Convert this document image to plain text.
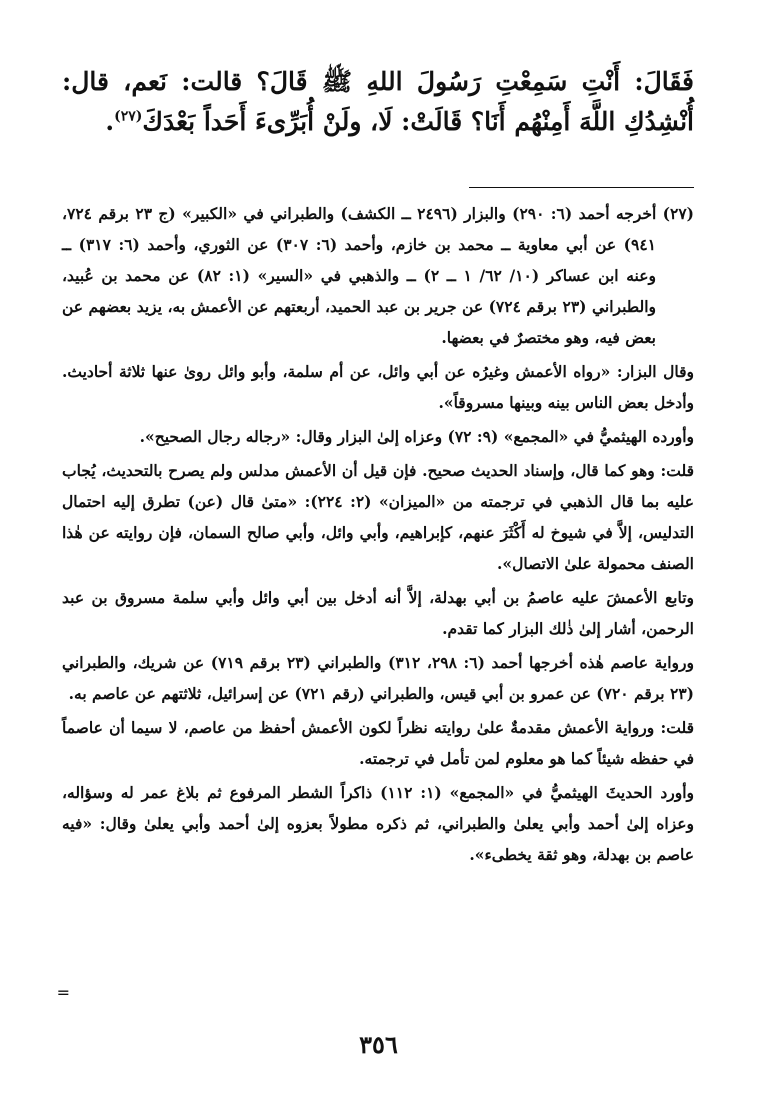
فَقَالَ: أَنْتِ سَمِعْتِ رَسُولَ اللهِ ﷺ قَالَ؟ قالت: نَعم، قال: أُنْشِدُكِ اللَّهَ أَمِنْهُم أَنَا؟ قَالَتْ: لَا، ولَنْ أُبَرِّىءَ أَحَداً بَعْدَكَ$^{(٢٧)}$.

(٢٧) أخرجه أحمد (٦: ٢٩٠) والبزار (٢٤٩٦ ــ الكشف) والطبراني في «الكبير» (ج ٢٣ برقم ٧٢٤، ٩٤١) عن أبي معاوية ــ محمد بن خازم، وأحمد (٦: ٣٠٧) عن الثوري، وأحمد (٦: ٣١٧) ــ وعنه ابن عساكر (١٠/ ٦٢/ ١ ــ ٢) ــ والذهبي في «السير» (١: ٨٢) عن محمد بن عُبيد، والطبراني (٢٣ برقم ٧٢٤) عن جرير بن عبد الحميد، أربعتهم عن الأعمش به، يزيد بعضهم عن بعض فيه، وهو مختصرٌ في بعضها.

وقال البزار: «رواه الأعمش وغيرُه عن أبي وائل، عن أم سلمة، وأبو وائل روىٰ عنها ثلاثة أحاديث. وأدخل بعض الناس بينه وبينها مسروقاً».

وأورده الهيثميُّ في «المجمع» (٩: ٧٢) وعزاه إلىٰ البزار وقال: «رجاله رجال الصحيح».

قلت: وهو كما قال، وإسناد الحديث صحيح. فإن قيل أن الأعمش مدلس ولم يصرح بالتحديث، يُجاب عليه بما قال الذهبي في ترجمته من «الميزان» (٢: ٢٢٤): «متىٰ قال (عن) تطرق إليه احتمال التدليس، إلاَّ في شيوخ له أَكْثَرَ عنهم، كإبراهيم، وأبي وائل، وأبي صالح السمان، فإن روايته عن هٰذا الصنف محمولة علىٰ الاتصال».

وتابع الأعمشَ عليه عاصمُ بن أبي بهدلة، إلاَّ أنه أدخل بين أبي وائل وأبي سلمة مسروق بن عبد الرحمن، أشار إلىٰ ذٰلك البزار كما تقدم.

ورواية عاصم هٰذه أخرجها أحمد (٦: ٢٩٨، ٣١٢) والطبراني (٢٣ برقم ٧١٩) عن شريك، والطبراني (٢٣ برقم ٧٢٠) عن عمرو بن أبي قيس، والطبراني (رقم ٧٢١) عن إسرائيل، ثلاثتهم عن عاصم به.

قلت: ورواية الأعمش مقدمةٌ علىٰ روايته نظراً لكون الأعمش أحفظ من عاصم، لا سيما أن عاصماً في حفظه شيئاً كما هو معلوم لمن تأمل في ترجمته.

وأورد الحديثَ الهيثميُّ في «المجمع» (١: ١١٢) ذاكراً الشطر المرفوع ثم بلاغ عمر له وسؤاله، وعزاه إلىٰ أحمد وأبي يعلىٰ والطبراني، ثم ذكره مطولاً بعزوه إلىٰ أحمد وأبي يعلىٰ وقال: «فيه عاصم بن بهدلة، وهو ثقة يخطىء».

=
٣٥٦
